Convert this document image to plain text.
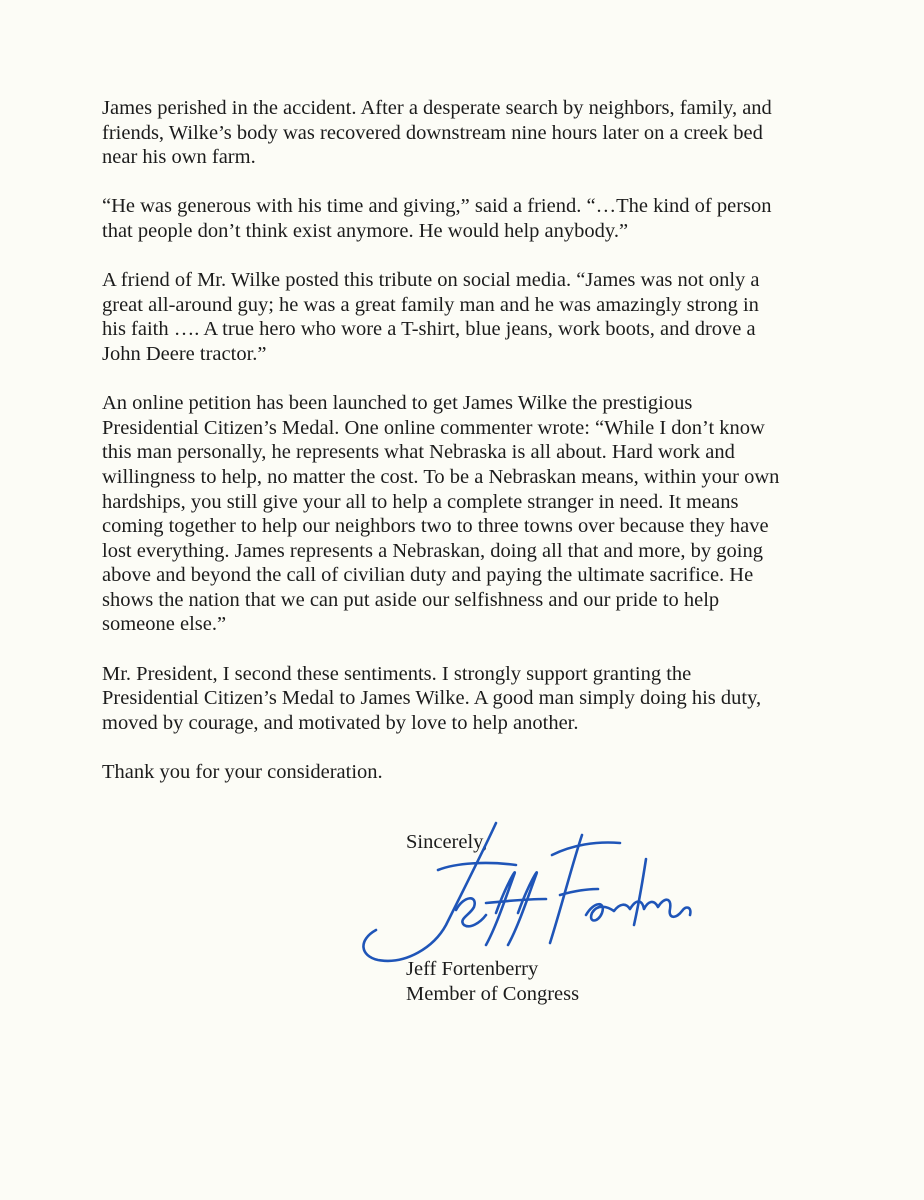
James perished in the accident. After a desperate search by neighbors, family, and
friends, Wilke’s body was recovered downstream nine hours later on a creek bed
near his own farm.

“He was generous with his time and giving,” said a friend. “…The kind of person
that people don’t think exist anymore. He would help anybody.”

A friend of Mr. Wilke posted this tribute on social media. “James was not only a
great all-around guy; he was a great family man and he was amazingly strong in
his faith …. A true hero who wore a T-shirt, blue jeans, work boots, and drove a
John Deere tractor.”

An online petition has been launched to get James Wilke the prestigious
Presidential Citizen’s Medal. One online commenter wrote: “While I don’t know
this man personally, he represents what Nebraska is all about. Hard work and
willingness to help, no matter the cost. To be a Nebraskan means, within your own
hardships, you still give your all to help a complete stranger in need. It means
coming together to help our neighbors two to three towns over because they have
lost everything. James represents a Nebraskan, doing all that and more, by going
above and beyond the call of civilian duty and paying the ultimate sacrifice. He
shows the nation that we can put aside our selfishness and our pride to help
someone else.”

Mr. President, I second these sentiments. I strongly support granting the
Presidential Citizen’s Medal to James Wilke. A good man simply doing his duty,
moved by courage, and motivated by love to help another.

Thank you for your consideration.

Sincerely,
Jeff Fortenberry
Member of Congress
